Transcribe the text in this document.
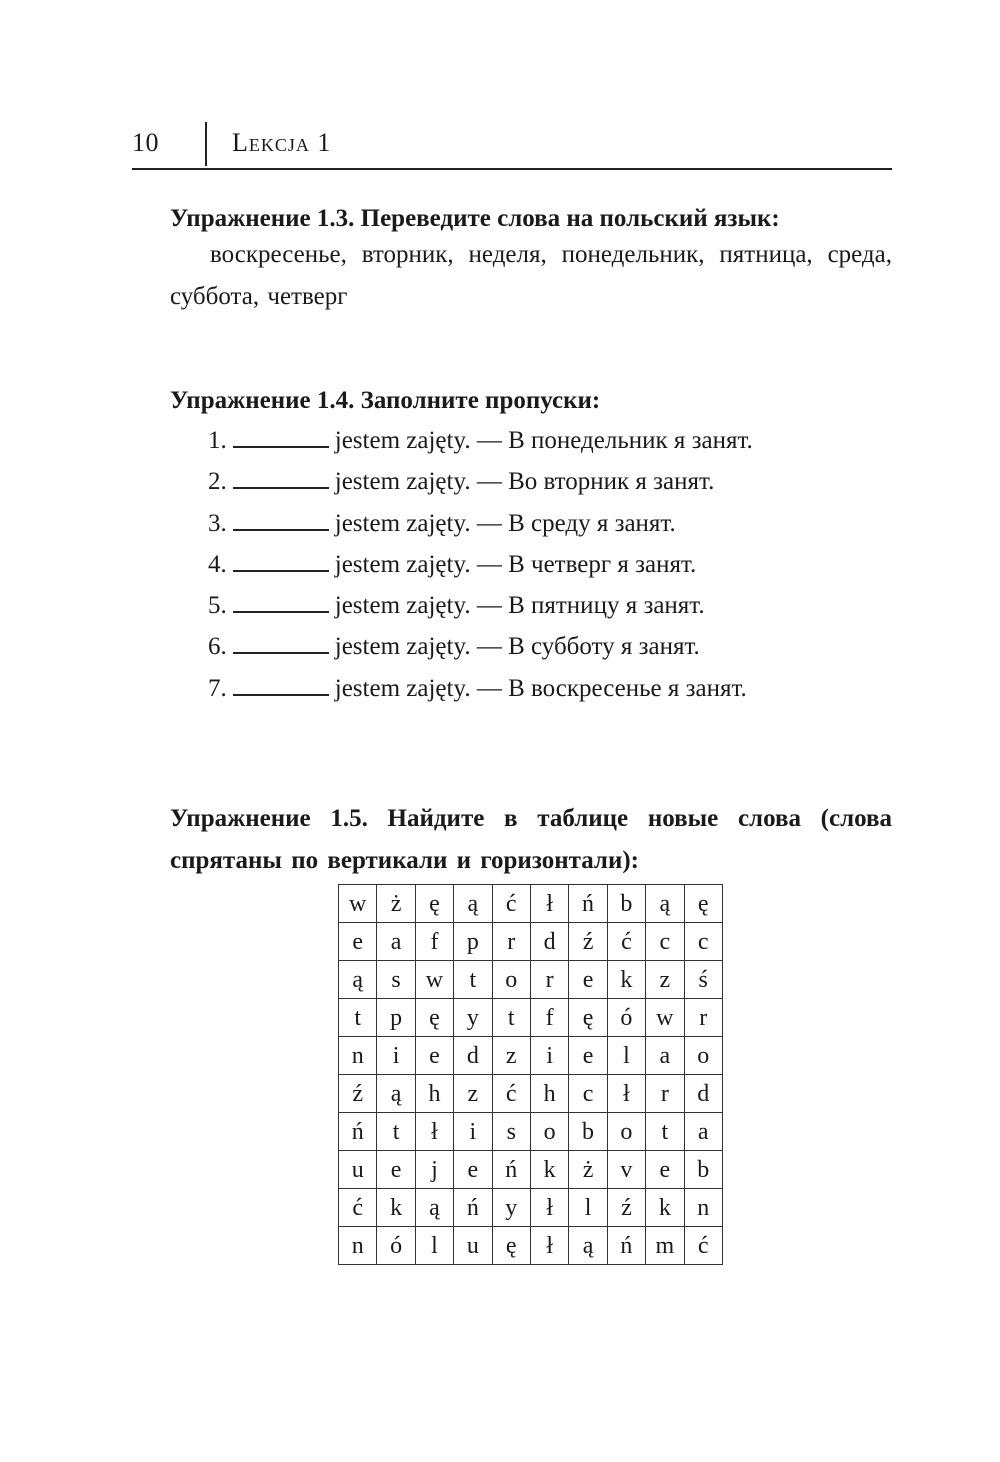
10	Lekcja 1
Упражнение 1.3. Переведите слова на польский язык:
воскресенье, вторник, неделя, понедельник, пятница, среда, суббота, четверг
Упражнение 1.4. Заполните пропуски:
1.	jestem zajęty. — В понедельник я занят.
2.	jestem zajęty. — Во вторник я занят.
3.	jestem zajęty. — В среду я занят.
4.	jestem zajęty. — В четверг я занят.
5.	jestem zajęty. — В пятницу я занят.
6.	jestem zajęty. — В субботу я занят.
7.	jestem zajęty. — В воскресенье я занят.
Упражнение 1.5. Найдите в таблице новые слова (слова спрятаны по вертикали и горизонтали):
w	ż	ę	ą	ć	ł	ń	b	ą	ę
e	a	f	p	r	d	ź	ć	c	c
ą	s	w	t	o	r	e	k	z	ś
t	p	ę	y	t	f	ę	ó	w	r
n	i	e	d	z	i	e	l	a	o
ź	ą	h	z	ć	h	c	ł	r	d
ń	t	ł	i	s	o	b	o	t	a
u	e	j	e	ń	k	ż	v	e	b
ć	k	ą	ń	y	ł	l	ź	k	n
n	ó	l	u	ę	ł	ą	ń	m	ć
